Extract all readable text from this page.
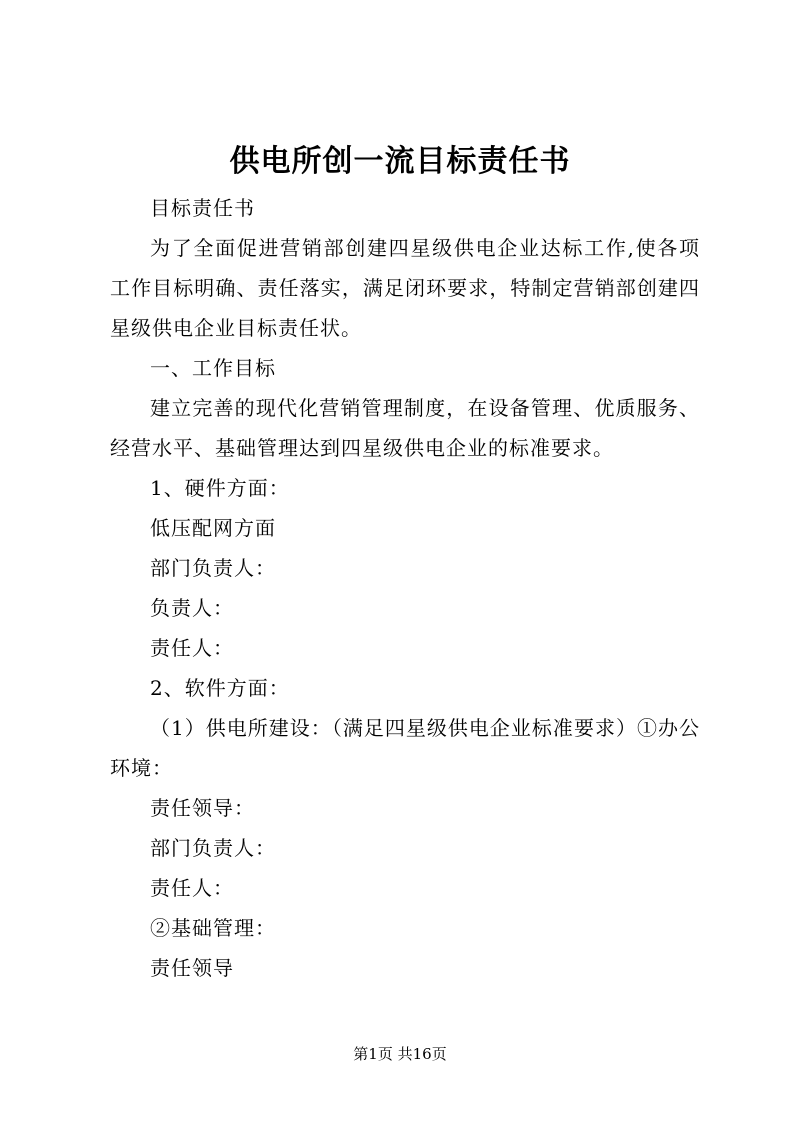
供电所创一流目标责任书

目标责任书

为了全面促进营销部创建四星级供电企业达标工作,使各项工作目标明确、责任落实，满足闭环要求，特制定营销部创建四星级供电企业目标责任状。

一、工作目标

建立完善的现代化营销管理制度，在设备管理、优质服务、经营水平、基础管理达到四星级供电企业的标准要求。

1、硬件方面：

低压配网方面

部门负责人：

负责人：

责任人：

2、软件方面：

（1）供电所建设：（满足四星级供电企业标准要求）①办公环境：

责任领导：

部门负责人：

责任人：

②基础管理：

责任领导

第1页 共16页
